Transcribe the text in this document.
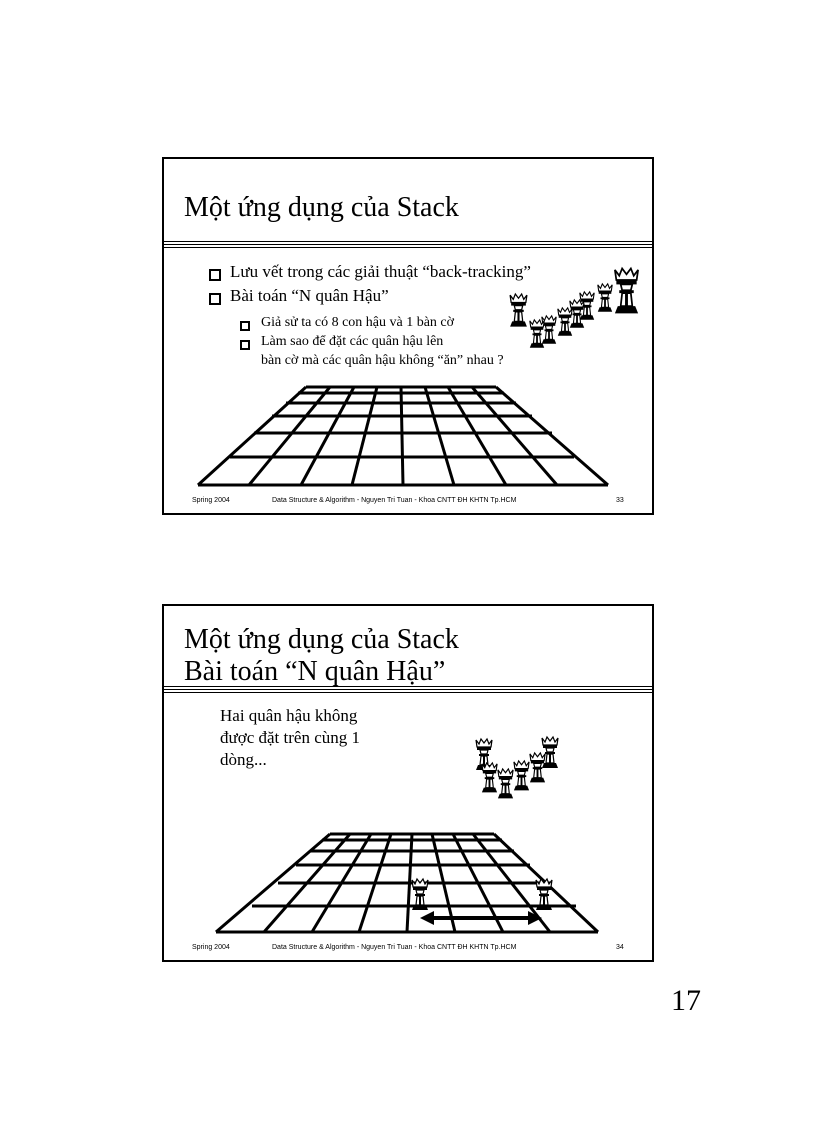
Một ứng dụng của Stack
Lưu vết trong các giải thuật “back-tracking”
Bài toán “N quân Hậu”
Giả sử ta có 8 con hậu và 1 bàn cờ
Làm sao để đặt các quân hậu lên
bàn cờ mà các quân hậu không “ăn” nhau ?
Spring 2004	Data Structure & Algorithm - Nguyen Tri Tuan - Khoa CNTT ĐH KHTN Tp.HCM	33
Một ứng dụng của Stack
Bài toán “N quân Hậu”
Hai quân hậu không
được đặt trên cùng 1
dòng...
Spring 2004	Data Structure & Algorithm - Nguyen Tri Tuan - Khoa CNTT ĐH KHTN Tp.HCM	34
17
